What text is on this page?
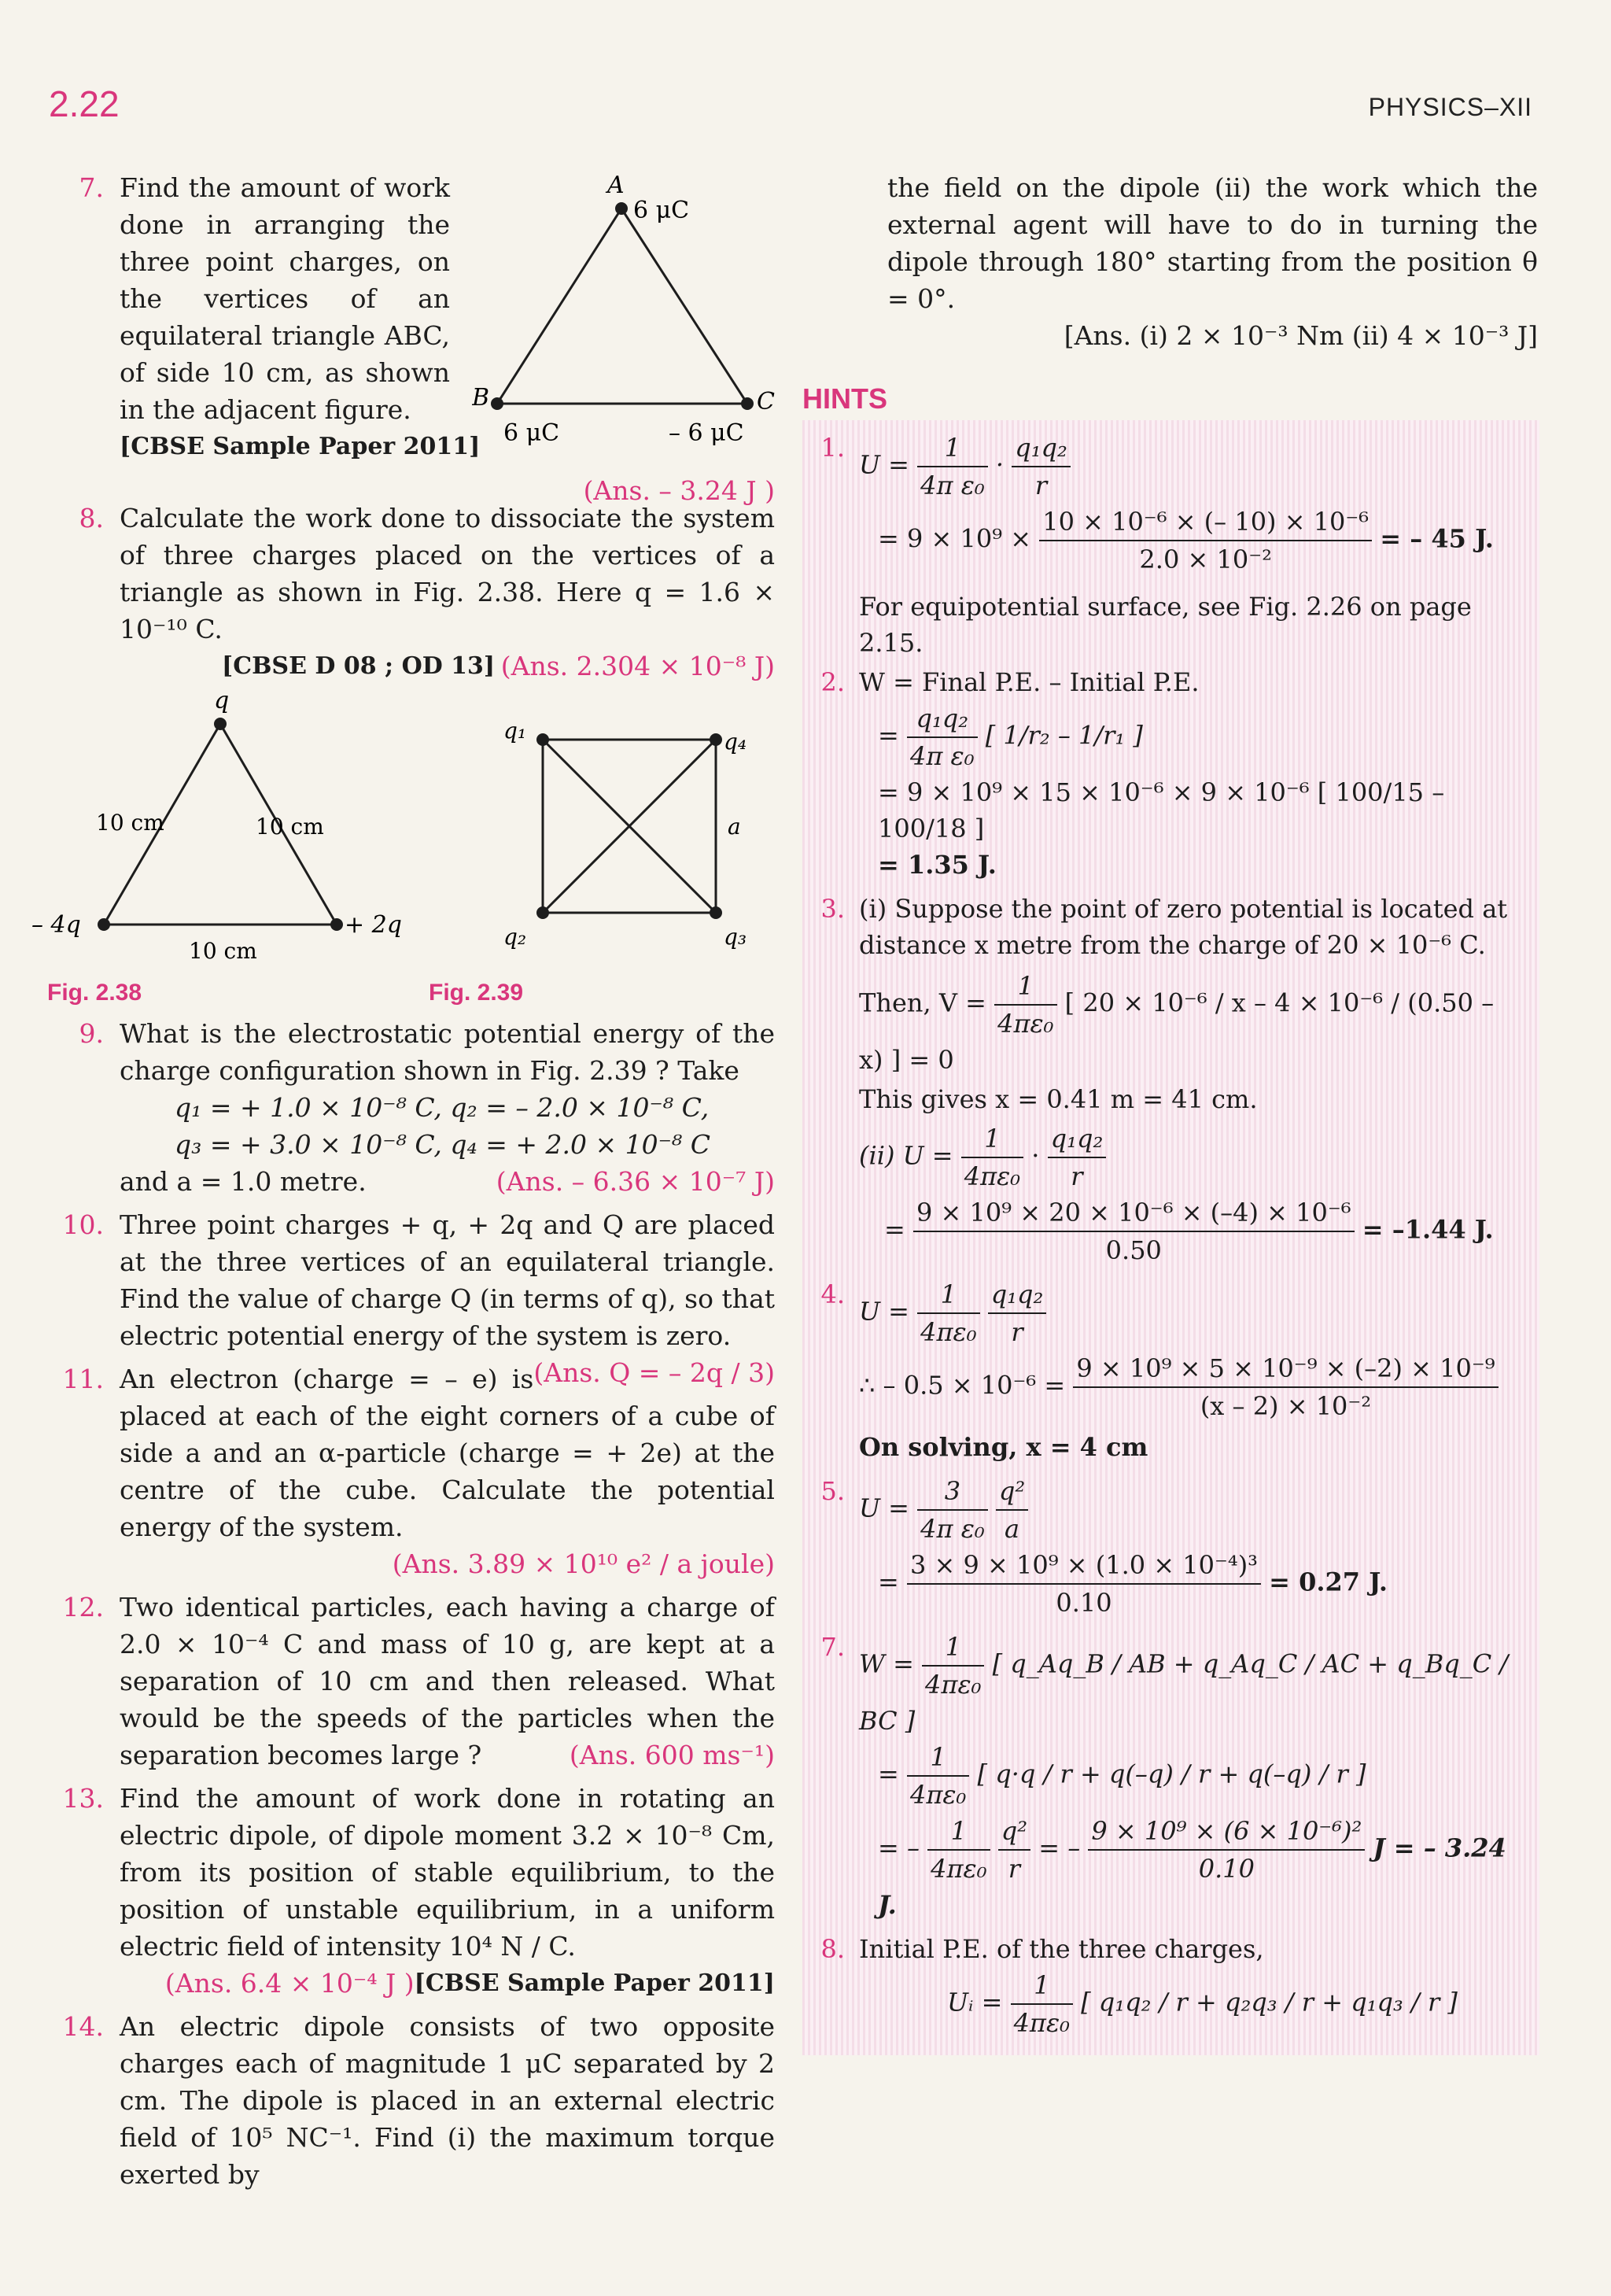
2.22	PHYSICS–XII
7. Find the amount of work done in arranging the three point charges, on the vertices of an equilateral triangle ABC, of side 10 cm, as shown in the adjacent figure.
[CBSE Sample Paper 2011]
A
6 μC
B
6 μC
C
– 6 μC
(Ans. – 3.24 J )
8. Calculate the work done to dissociate the system of three charges placed on the vertices of a triangle as shown in Fig. 2.38. Here q = 1.6 × 10⁻¹⁰ C.
[CBSE D 08 ; OD 13] (Ans. 2.304 × 10⁻⁸ J)
q
– 4q	+ 2q
10 cm	10 cm
10 cm
q₁	q₄
q₂	q₃
a
Fig. 2.38	Fig. 2.39
9. What is the electrostatic potential energy of the charge configuration shown in Fig. 2.39 ? Take
q₁ = + 1.0 × 10⁻⁸ C, q₂ = – 2.0 × 10⁻⁸ C,
q₃ = + 3.0 × 10⁻⁸ C, q₄ = + 2.0 × 10⁻⁸ C
and a = 1.0 metre.	(Ans. – 6.36 × 10⁻⁷ J)
10. Three point charges + q, + 2q and Q are placed at the three vertices of an equilateral triangle. Find the value of charge Q (in terms of q), so that electric potential energy of the system is zero.
(Ans. Q = – 2q / 3)
11. An electron (charge = – e) is placed at each of the eight corners of a cube of side a and an α-particle (charge = + 2e) at the centre of the cube. Calculate the potential energy of the system.
(Ans. 3.89 × 10¹⁰ e² / a joule)
12. Two identical particles, each having a charge of 2.0 × 10⁻⁴ C and mass of 10 g, are kept at a separation of 10 cm and then released. What would be the speeds of the particles when the separation becomes large ?	(Ans. 600 ms⁻¹)
13. Find the amount of work done in rotating an electric dipole, of dipole moment 3.2 × 10⁻⁸ Cm, from its position of stable equilibrium, to the position of unstable equilibrium, in a uniform electric field of intensity 10⁴ N / C.
[CBSE Sample Paper 2011]
(Ans. 6.4 × 10⁻⁴ J )
14. An electric dipole consists of two opposite charges each of magnitude 1 μC separated by 2 cm. The dipole is placed in an external electric field of 10⁵ NC⁻¹. Find (i) the maximum torque exerted by
the field on the dipole (ii) the work which the external agent will have to do in turning the dipole through 180° starting from the position θ = 0°.
[Ans. (i) 2 × 10⁻³ Nm (ii) 4 × 10⁻³ J]
HINTS
1.
$U = \frac{1}{\text{4π ε₀}} \cdot \frac{\text{q₁q₂}}{r}$
= $9 \times 10^9 \times \frac{\text{10 × 10⁻⁶ × (– 10) × 10⁻⁶}}{\text{2.0 × 10⁻²}}$ = – 45 J.
For equipotential surface, see Fig. 2.26 on page 2.15.
2. W = Final P.E. – Initial P.E.
= $\frac{\text{q₁q₂}}{\text{4π ε₀}}$ [ 1/r₂ – 1/r₁ ]
= 9 × 10⁹ × 15 × 10⁻⁶ × 9 × 10⁻⁶ [ 100/15 – 100/18 ]
= 1.35 J.
3. (i) Suppose the point of zero potential is located at distance x metre from the charge of 20 × 10⁻⁶ C.
Then, $V = \frac{1}{\text{4πε₀}}$ [ 20 × 10⁻⁶ / x – 4 × 10⁻⁶ / (0.50 – x) ] = 0
This gives x = 0.41 m = 41 cm.
(ii) $U = \frac{1}{\text{4πε₀}} \cdot \frac{\text{q₁q₂}}{r}$
= $\frac{\text{9 × 10⁹ × 20 × 10⁻⁶ × (–4) × 10⁻⁶}}{0.50} = -1.44$ J.
4.
$U = \frac{1}{\text{4πε₀}}$
$\frac{\text{q₁q₂}}{r}$
∴ – $0.5 \times 10^{-6} = \frac{\text{9 × 10⁹ × 5 × 10⁻⁹ × (–2) × 10⁻⁹}}{\text{(x – 2) × 10⁻²}}$
On solving, x = 4 cm
5.
$U = \frac{3}{\text{4π ε₀}}$
$\frac{\text{q²}}{a}$
= $\frac{\text{3 × 9 × 10⁹ × (1.0 × 10⁻⁴)³}}{0.10} = 0.27$ J.
7.
$W = \frac{1}{\text{4πε₀}}$ [ q_Aq_B / AB + q_Aq_C / AC + q_Bq_C / BC ]
= $\frac{1}{\text{4πε₀}}$ [ q·q / r + q(–q) / r + q(–q) / r ]
= – $\frac{1}{\text{4πε₀}}$
$\frac{\text{q²}}{r}$ = – $\frac{\text{9 × 10⁹ × (6 × 10⁻⁶)²}}{0.10}$ J = – 3.24 J.
8. Initial P.E. of the three charges,
Uᵢ = $\frac{1}{\text{4πε₀}}$ [ q₁q₂ / r + q₂q₃ / r + q₁q₃ / r ]
